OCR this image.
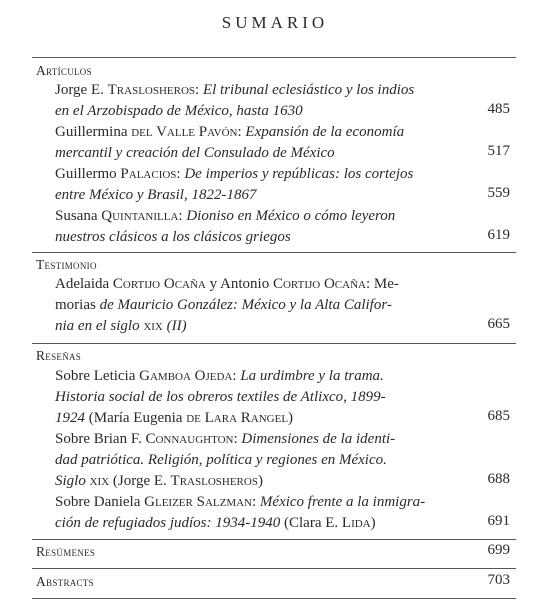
SUMARIO
Artículos
Jorge E. Traslosheros: El tribunal eclesiástico y los indios
en el Arzobispado de México, hasta 1630	485
Guillermina del Valle Pavón: Expansión de la economía
mercantil y creación del Consulado de México	517
Guillermo Palacios: De imperios y repúblicas: los cortejos
entre México y Brasil, 1822-1867	559
Susana Quintanilla: Dioniso en México o cómo leyeron
nuestros clásicos a los clásicos griegos	619
Testimonio
Adelaida Cortijo Ocaña y Antonio Cortijo Ocaña: Me-
morias de Mauricio González: México y la Alta Califor-
nia en el siglo xix (II)	665
Reseñas
Sobre Leticia Gamboa Ojeda: La urdimbre y la trama.
Historia social de los obreros textiles de Atlixco, 1899-
1924 (María Eugenia de Lara Rangel)	685
Sobre Brian F. Connaughton: Dimensiones de la identi-
dad patriótica. Religión, política y regiones en México.
Siglo xix (Jorge E. Traslosheros)	688
Sobre Daniela Gleizer Salzman: México frente a la inmigra-
ción de refugiados judíos: 1934-1940 (Clara E. Lida)	691
Resúmenes	699
Abstracts	703
